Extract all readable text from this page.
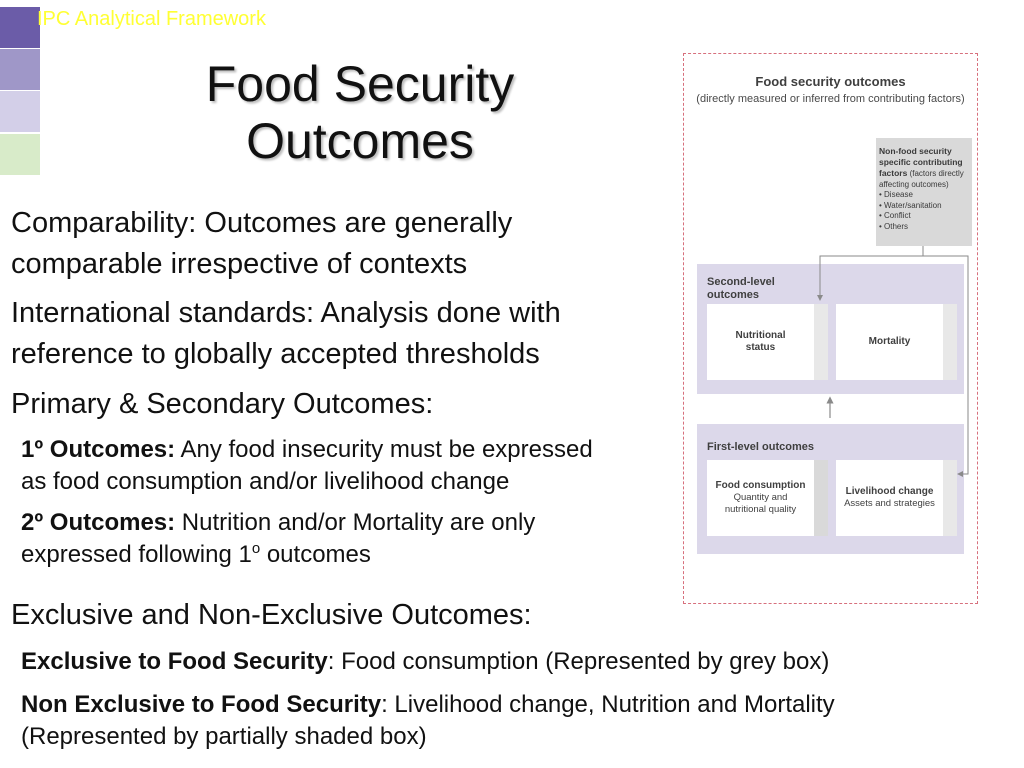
IPC Analytical Framework
Food Security
Outcomes
Comparability: Outcomes are generally
comparable irrespective of contexts
International standards: Analysis done with
reference to globally accepted thresholds
Primary & Secondary Outcomes:
1º Outcomes: Any food insecurity must be expressed
as food consumption and/or livelihood change
2º Outcomes: Nutrition and/or Mortality are only
expressed following 1$^o$ outcomes
Exclusive and Non-Exclusive Outcomes:
Exclusive to Food Security: Food consumption (Represented by grey box)
Non Exclusive to Food Security: Livelihood change, Nutrition and Mortality
(Represented by partially shaded box)
Food security outcomes
(directly measured or inferred from contributing factors)
Non-food security
specific contributing
factors (factors directly affecting outcomes)
• Disease
• Water/sanitation
• Conflict
• Others
Second-level
outcomes
Nutritional
status
Mortality
First-level outcomes
Food consumption
Quantity and
nutritional quality
Livelihood change
Assets and strategies
